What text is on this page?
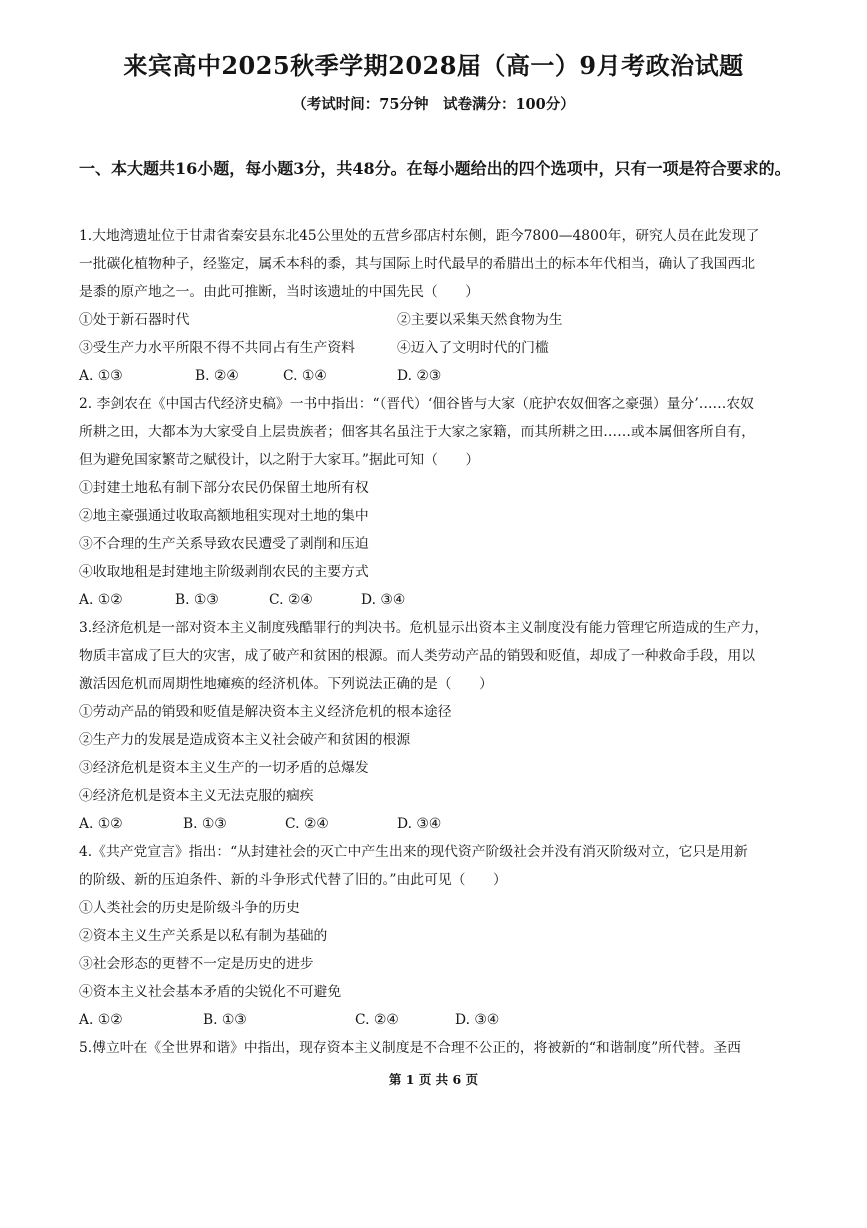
来宾高中2025秋季学期2028届（高一）9月考政治试题
（考试时间：75分钟　试卷满分：100分）
一、本大题共16小题，每小题3分，共48分。在每小题给出的四个选项中，只有一项是符合要求的。
1.大地湾遗址位于甘肃省秦安县东北45公里处的五营乡邵店村东侧，距今7800—4800年，研究人员在此发现了
一批碳化植物种子，经鉴定，属禾本科的黍，其与国际上时代最早的希腊出土的标本年代相当，确认了我国西北
是黍的原产地之一。由此可推断，当时该遗址的中国先民（　　）
①处于新石器时代	②主要以采集天然食物为生
③受生产力水平所限不得不共同占有生产资料	④迈入了文明时代的门槛
A. ①③	B. ②④	C. ①④	D. ②③
2. 李剑农在《中国古代经济史稿》一书中指出：“（晋代）‘佃谷皆与大家（庇护农奴佃客之豪强）量分’……农奴
所耕之田，大都本为大家受自上层贵族者；佃客其名虽注于大家之家籍，而其所耕之田……或本属佃客所自有，
但为避免国家繁苛之赋役计，以之附于大家耳。”据此可知（　　）
①封建土地私有制下部分农民仍保留土地所有权
②地主豪强通过收取高额地租实现对土地的集中
③不合理的生产关系导致农民遭受了剥削和压迫
④收取地租是封建地主阶级剥削农民的主要方式
A. ①②	B. ①③	C. ②④	D. ③④
3.经济危机是一部对资本主义制度残酷罪行的判决书。危机显示出资本主义制度没有能力管理它所造成的生产力，
物质丰富成了巨大的灾害，成了破产和贫困的根源。而人类劳动产品的销毁和贬值，却成了一种救命手段，用以
激活因危机而周期性地瘫痪的经济机体。下列说法正确的是（　　）
①劳动产品的销毁和贬值是解决资本主义经济危机的根本途径
②生产力的发展是造成资本主义社会破产和贫困的根源
③经济危机是资本主义生产的一切矛盾的总爆发
④经济危机是资本主义无法克服的痼疾
A. ①②	B. ①③	C. ②④	D. ③④
4.《共产党宣言》指出：“从封建社会的灭亡中产生出来的现代资产阶级社会并没有消灭阶级对立，它只是用新
的阶级、新的压迫条件、新的斗争形式代替了旧的。”由此可见（　　）
①人类社会的历史是阶级斗争的历史
②资本主义生产关系是以私有制为基础的
③社会形态的更替不一定是历史的进步
④资本主义社会基本矛盾的尖锐化不可避免
A. ①②	B. ①③	C. ②④	D. ③④
5.傅立叶在《全世界和谐》中指出，现存资本主义制度是不合理不公正的，将被新的“和谐制度”所代替。圣西
第 1 页 共 6 页
